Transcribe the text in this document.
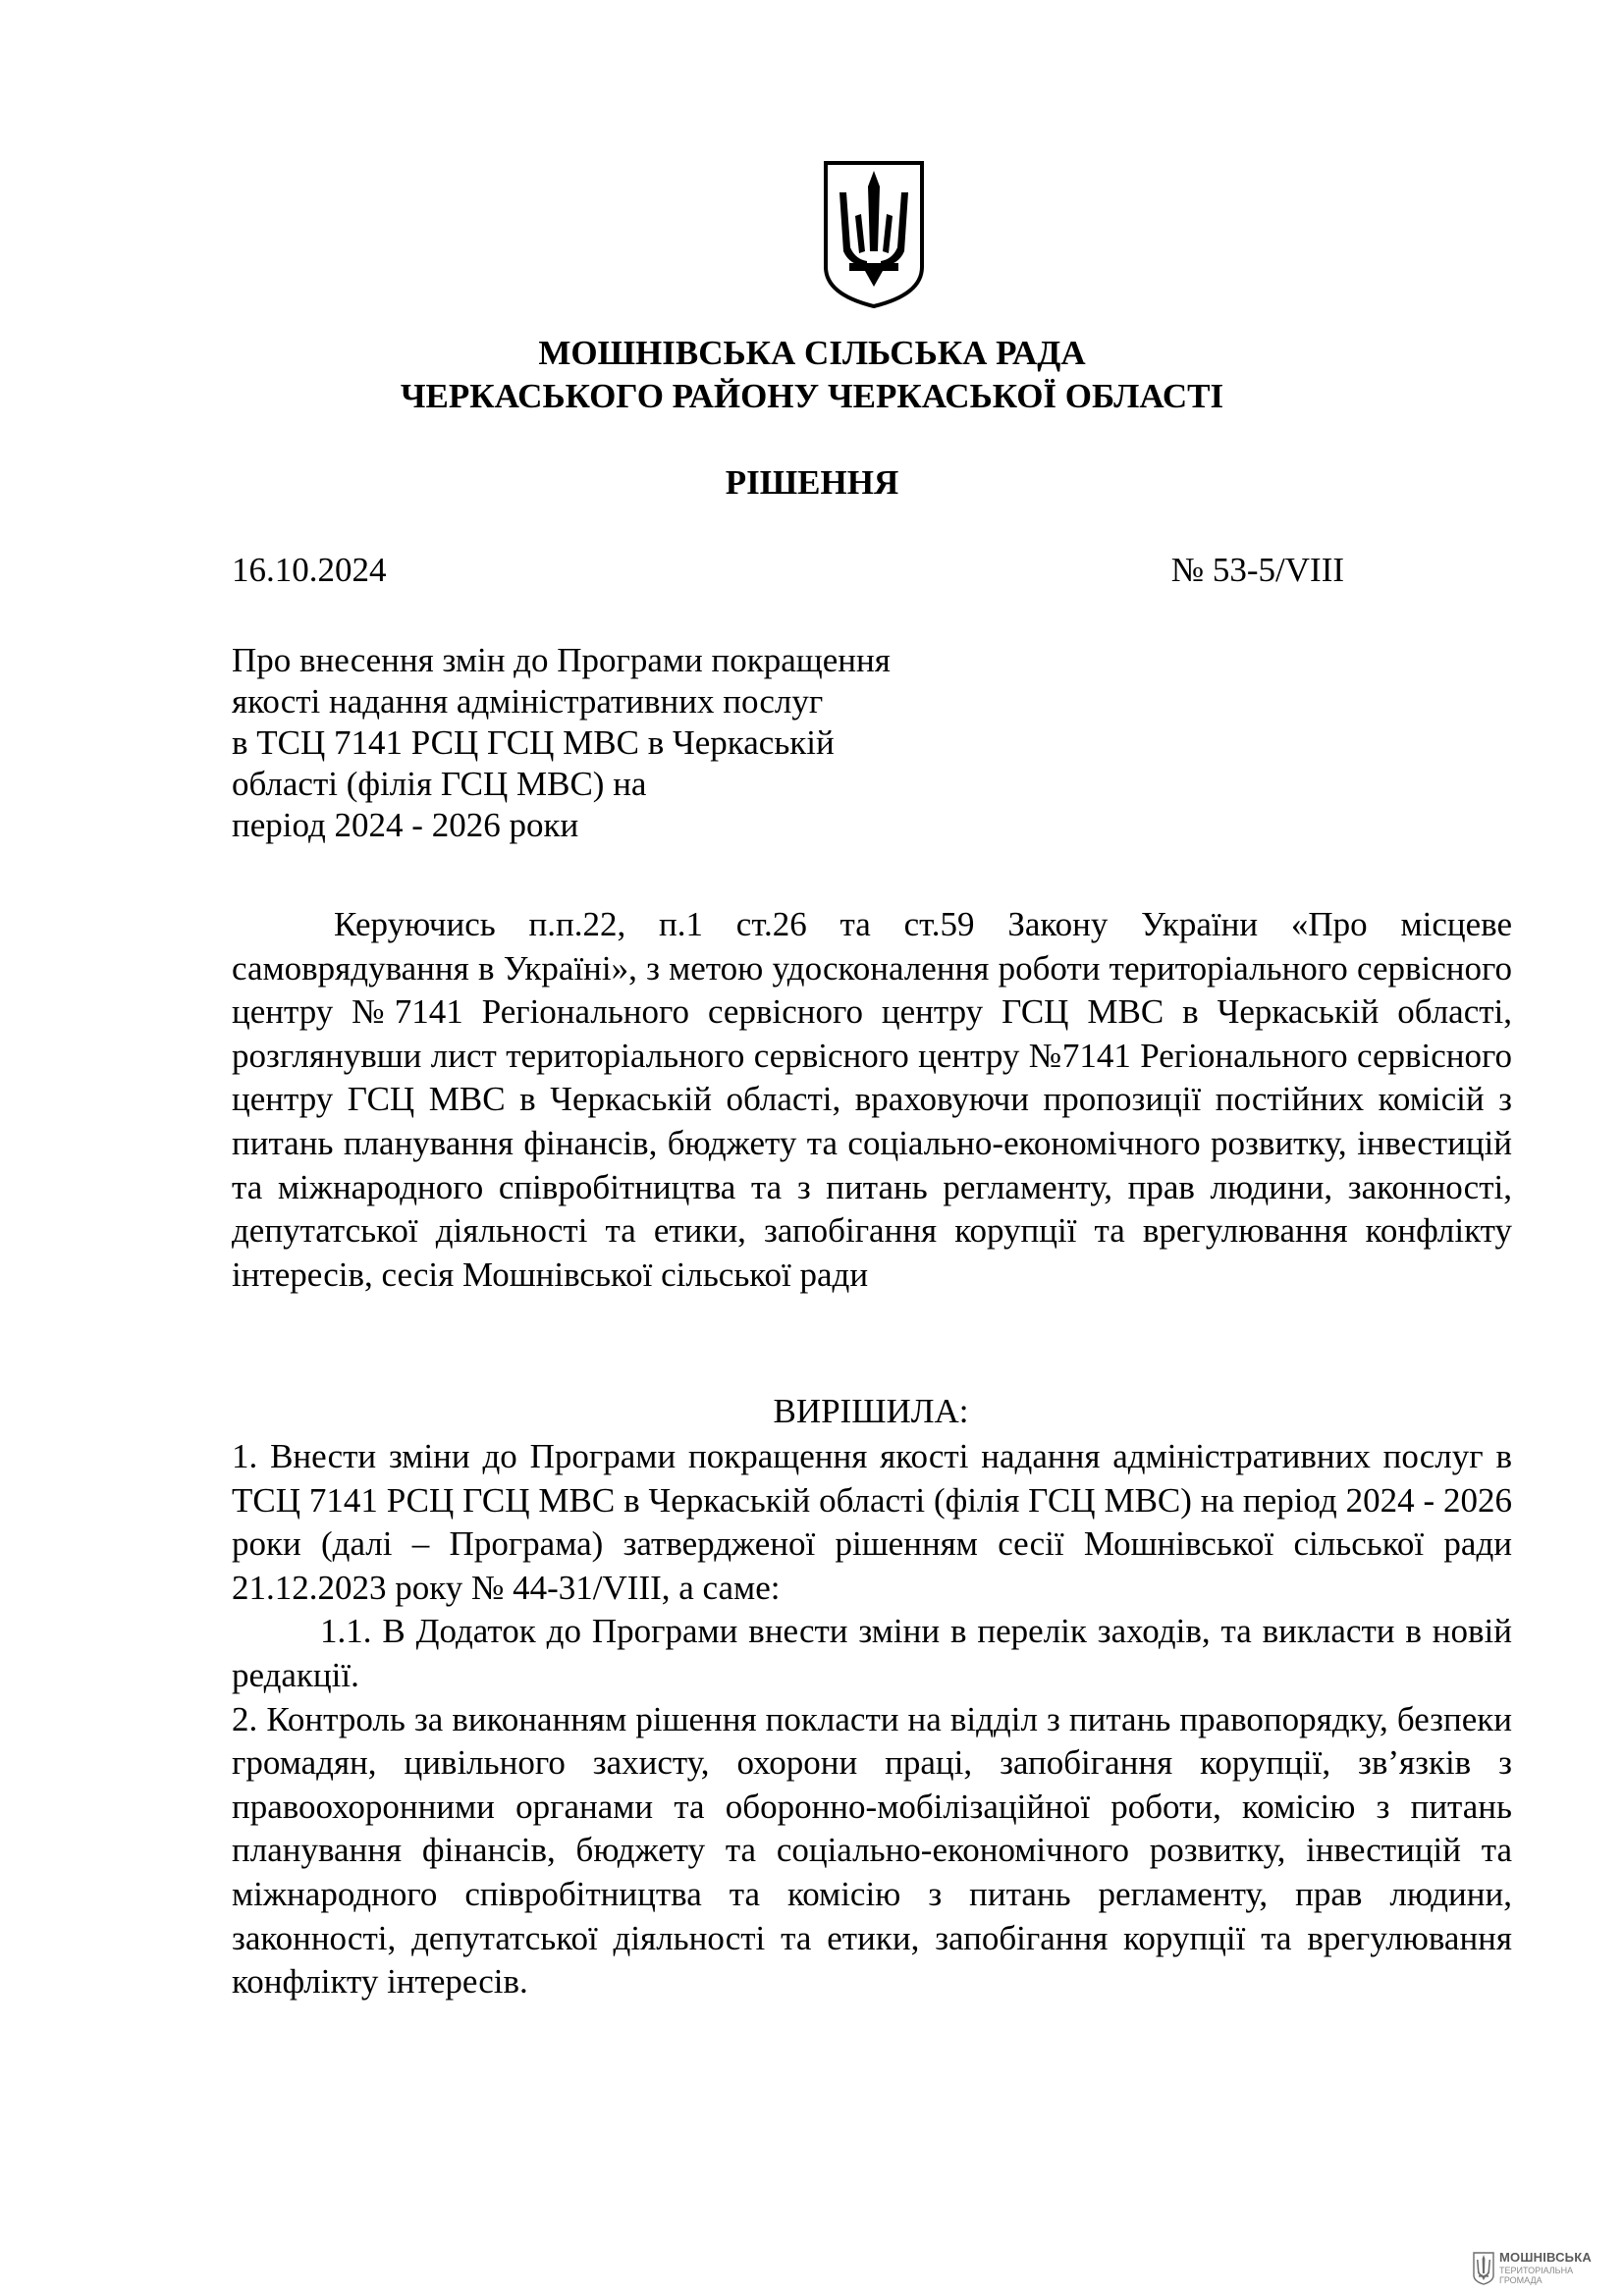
МОШНІВСЬКА СІЛЬСЬКА РАДА
ЧЕРКАСЬКОГО РАЙОНУ ЧЕРКАСЬКОЇ ОБЛАСТІ
РІШЕННЯ
16.10.2024	№ 53-5/VIII
Про внесення змін до Програми покращення
якості надання адміністративних послуг
в ТСЦ 7141 РСЦ ГСЦ МВС в Черкаській
області (філія ГСЦ МВС) на
період 2024 - 2026 роки

Керуючись п.п.22, п.1 ст.26 та ст.59 Закону України «Про місцеве самоврядування в Україні», з метою удосконалення роботи територіального сервісного центру №7141 Регіонального сервісного центру ГСЦ МВС в Черкаській області, розглянувши лист територіального сервісного центру №7141 Регіонального сервісного центру ГСЦ МВС в Черкаській області, враховуючи пропозиції постійних комісій з питань планування фінансів, бюджету та соціально-економічного розвитку, інвестицій та міжнародного співробітництва та з питань регламенту, прав людини, законності, депутатської діяльності та етики, запобігання корупції та врегулювання конфлікту інтересів, сесія Мошнівської сільської ради

ВИРІШИЛА:

1. Внести зміни до Програми покращення якості надання адміністративних послуг в ТСЦ 7141 РСЦ ГСЦ МВС в Черкаській області (філія ГСЦ МВС) на період 2024 - 2026 роки (далі – Програма) затвердженої рішенням сесії Мошнівської сільської ради 21.12.2023 року № 44-31/VIII, а саме:

1.1. В Додаток до Програми внести зміни в перелік заходів, та викласти в новій редакції.

2. Контроль за виконанням рішення покласти на відділ з питань правопорядку, безпеки громадян, цивільного захисту, охорони праці, запобігання корупції, зв’язків з правоохоронними органами та оборонно-мобілізаційної роботи, комісію з питань планування фінансів, бюджету та соціально-економічного розвитку, інвестицій та міжнародного співробітництва та комісію з питань регламенту, прав людини, законності, депутатської діяльності та етики, запобігання корупції та врегулювання конфлікту інтересів.

МОШНІВСЬКА
ТЕРИТОРІАЛЬНА
ГРОМАДА
